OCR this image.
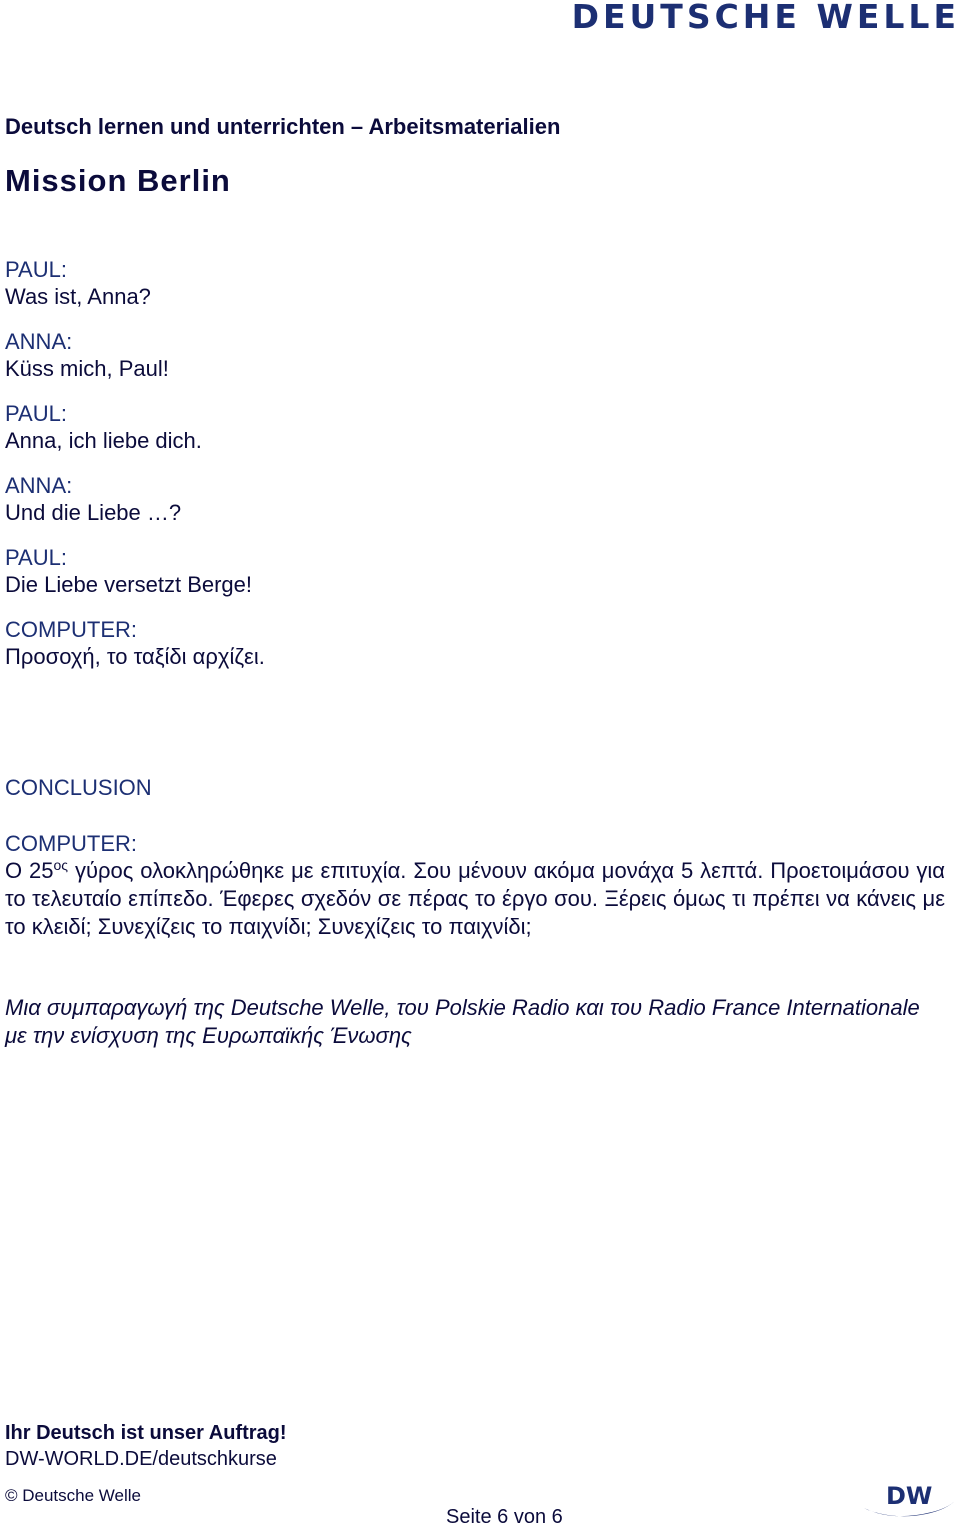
DEUTSCHE WELLE
Deutsch lernen und unterrichten – Arbeitsmaterialien
Mission Berlin
PAUL:
Was ist, Anna?
ANNA:
Küss mich, Paul!
PAUL:
Anna, ich liebe dich.
ANNA:
Und die Liebe …?
PAUL:
Die Liebe versetzt Berge!
COMPUTER:
Προσοχή, το ταξίδι αρχίζει.
CONCLUSION
COMPUTER:

Ο $25^{o\varsigma}$ γύρος ολοκληρώθηκε με επιτυχία. Σου μένουν ακόμα μονάχα 5 λεπτά. Προετοιμάσου για το τελευταίο επίπεδο. Έφερες σχεδόν σε πέρας το έργο σου. Ξέρεις όμως τι πρέπει να κάνεις με το κλειδί; Συνεχίζεις το παιχνίδι; Συνεχίζεις το παιχνίδι;

Μια συμπαραγωγή της Deutsche Welle, του Polskie Radio και του Radio France Internationale με την ενίσχυση της Ευρωπαϊκής Ένωσης
Ihr Deutsch ist unser Auftrag!
DW-WORLD.DE/deutschkurse
© Deutsche Welle
Seite 6 von 6
DW
